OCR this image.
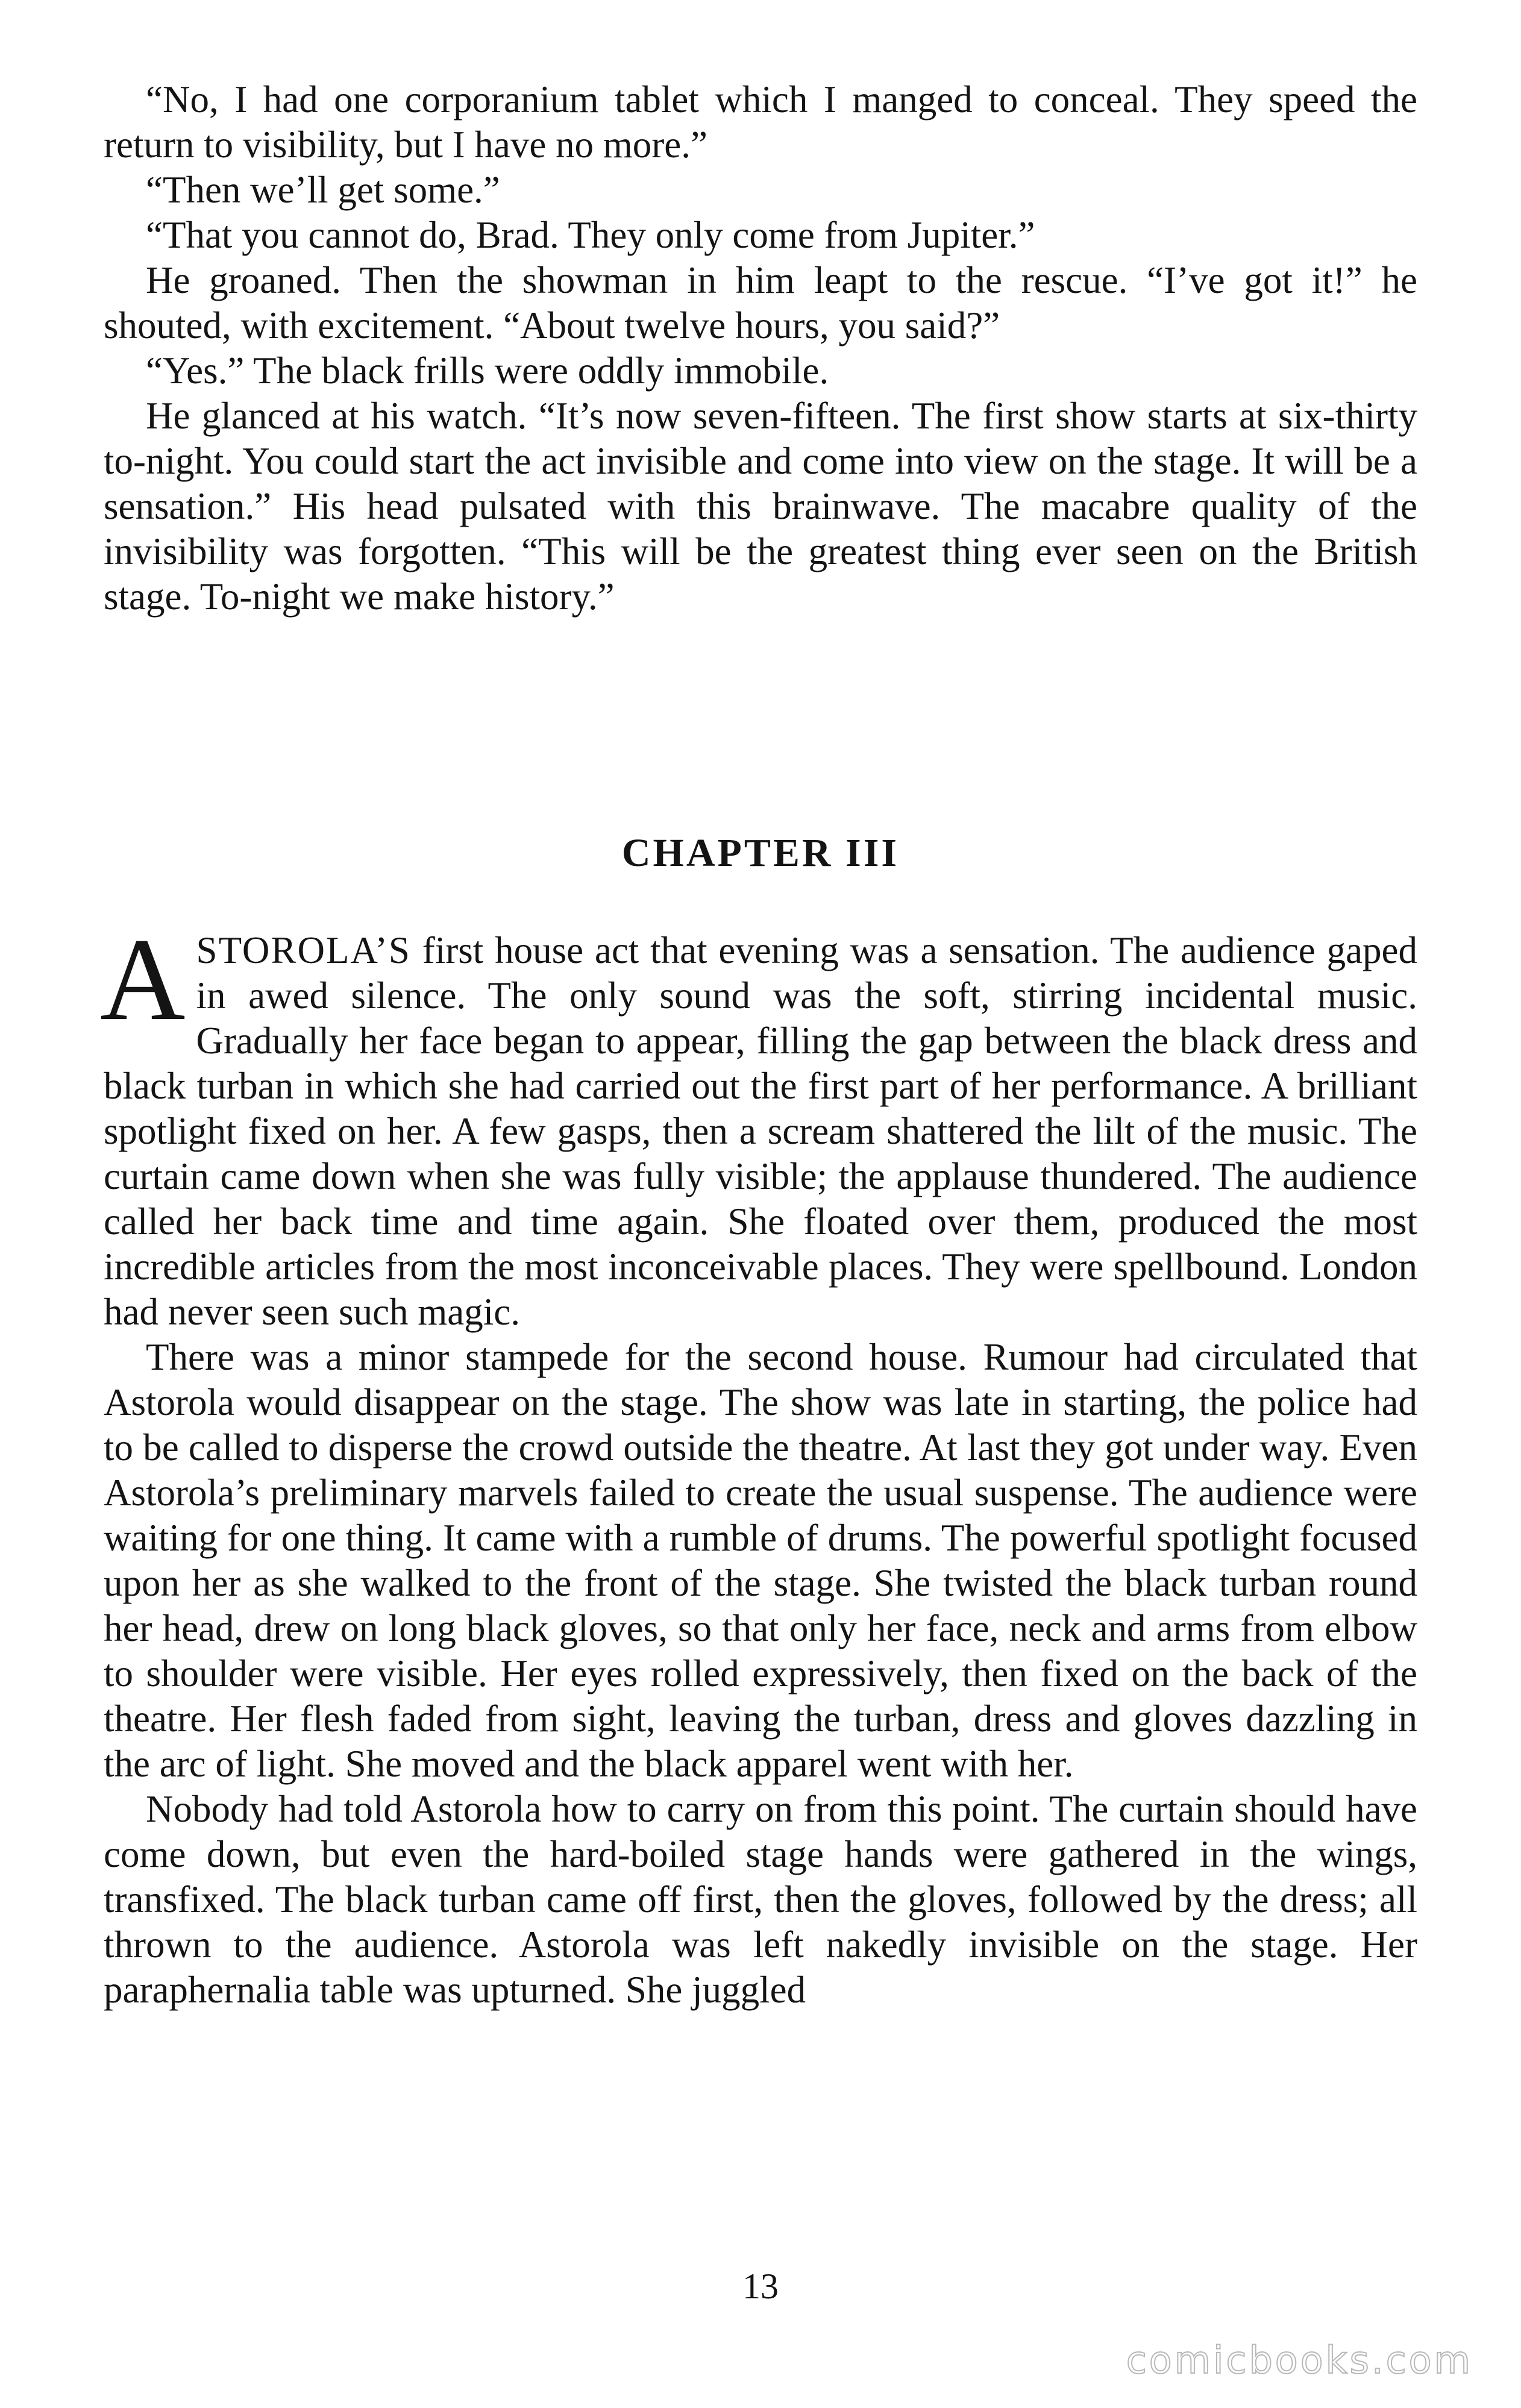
“No, I had one corporanium tablet which I manged to conceal. They speed the return to visibility, but I have no more.”

“Then we’ll get some.”

“That you cannot do, Brad. They only come from Jupiter.”

He groaned. Then the showman in him leapt to the rescue. “I’ve got it!” he shouted, with excitement. “About twelve hours, you said?”

“Yes.” The black frills were oddly immobile.

He glanced at his watch. “It’s now seven-fifteen. The first show starts at six-thirty to-night. You could start the act invisible and come into view on the stage. It will be a sensation.” His head pulsated with this brainwave. The macabre quality of the invisibility was forgotten. “This will be the greatest thing ever seen on the British stage. To-night we make history.”

CHAPTER III

ASTOROLA’S first house act that evening was a sensation. The audience gaped in awed silence. The only sound was the soft, stirring incidental music. Gradually her face began to appear, filling the gap between the black dress and black turban in which she had carried out the first part of her performance. A brilliant spotlight fixed on her. A few gasps, then a scream shattered the lilt of the music. The curtain came down when she was fully visible; the applause thundered. The audience called her back time and time again. She floated over them, produced the most incredible articles from the most inconceivable places. They were spellbound. London had never seen such magic.

There was a minor stampede for the second house. Rumour had circulated that Astorola would disappear on the stage. The show was late in starting, the police had to be called to disperse the crowd outside the theatre. At last they got under way. Even Astorola’s preliminary marvels failed to create the usual suspense. The audience were waiting for one thing. It came with a rumble of drums. The powerful spotlight focused upon her as she walked to the front of the stage. She twisted the black turban round her head, drew on long black gloves, so that only her face, neck and arms from elbow to shoulder were visible. Her eyes rolled expressively, then fixed on the back of the theatre. Her flesh faded from sight, leaving the turban, dress and gloves dazzling in the arc of light. She moved and the black apparel went with her.

Nobody had told Astorola how to carry on from this point. The curtain should have come down, but even the hard-boiled stage hands were gathered in the wings, transfixed. The black turban came off first, then the gloves, followed by the dress; all thrown to the audience. Astorola was left nakedly invisible on the stage. Her paraphernalia table was upturned. She juggled

13
comicbooks.com
